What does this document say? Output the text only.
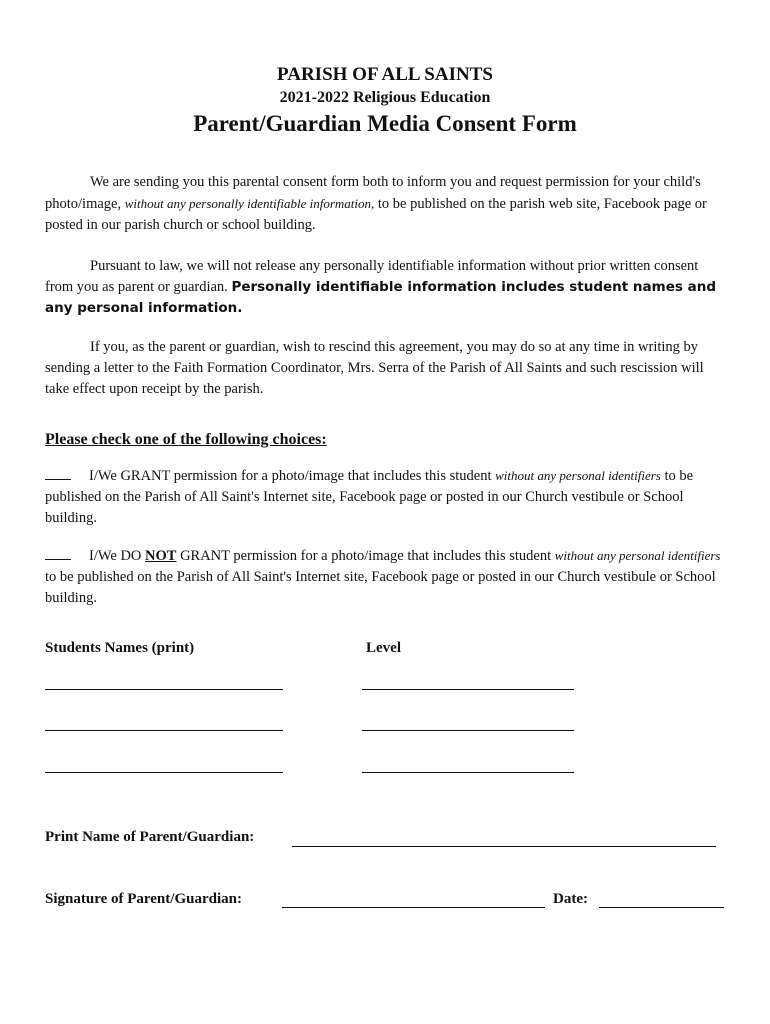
PARISH OF ALL SAINTS
2021-2022 Religious Education
Parent/Guardian Media Consent Form

We are sending you this parental consent form both to inform you and request permission for your child's photo/image, without any personally identifiable information, to be published on the parish web site, Facebook page or posted in our parish church or school building.

Pursuant to law, we will not release any personally identifiable information without prior written consent from you as parent or guardian. Personally identifiable information includes student names and any personal information.

If you, as the parent or guardian, wish to rescind this agreement, you may do so at any time in writing by sending a letter to the Faith Formation Coordinator, Mrs. Serra of the Parish of All Saints and such rescission will take effect upon receipt by the parish.

Please check one of the following choices:

I/We GRANT permission for a photo/image that includes this student without any personal identifiers to be published on the Parish of All Saint's Internet site, Facebook page or posted in our Church vestibule or School building.

I/We DO NOT GRANT permission for a photo/image that includes this student without any personal identifiers to be published on the Parish of All Saint's Internet site, Facebook page or posted in our Church vestibule or School building.

Students Names (print)	Level
Print Name of Parent/Guardian:
Signature of Parent/Guardian:	Date:
